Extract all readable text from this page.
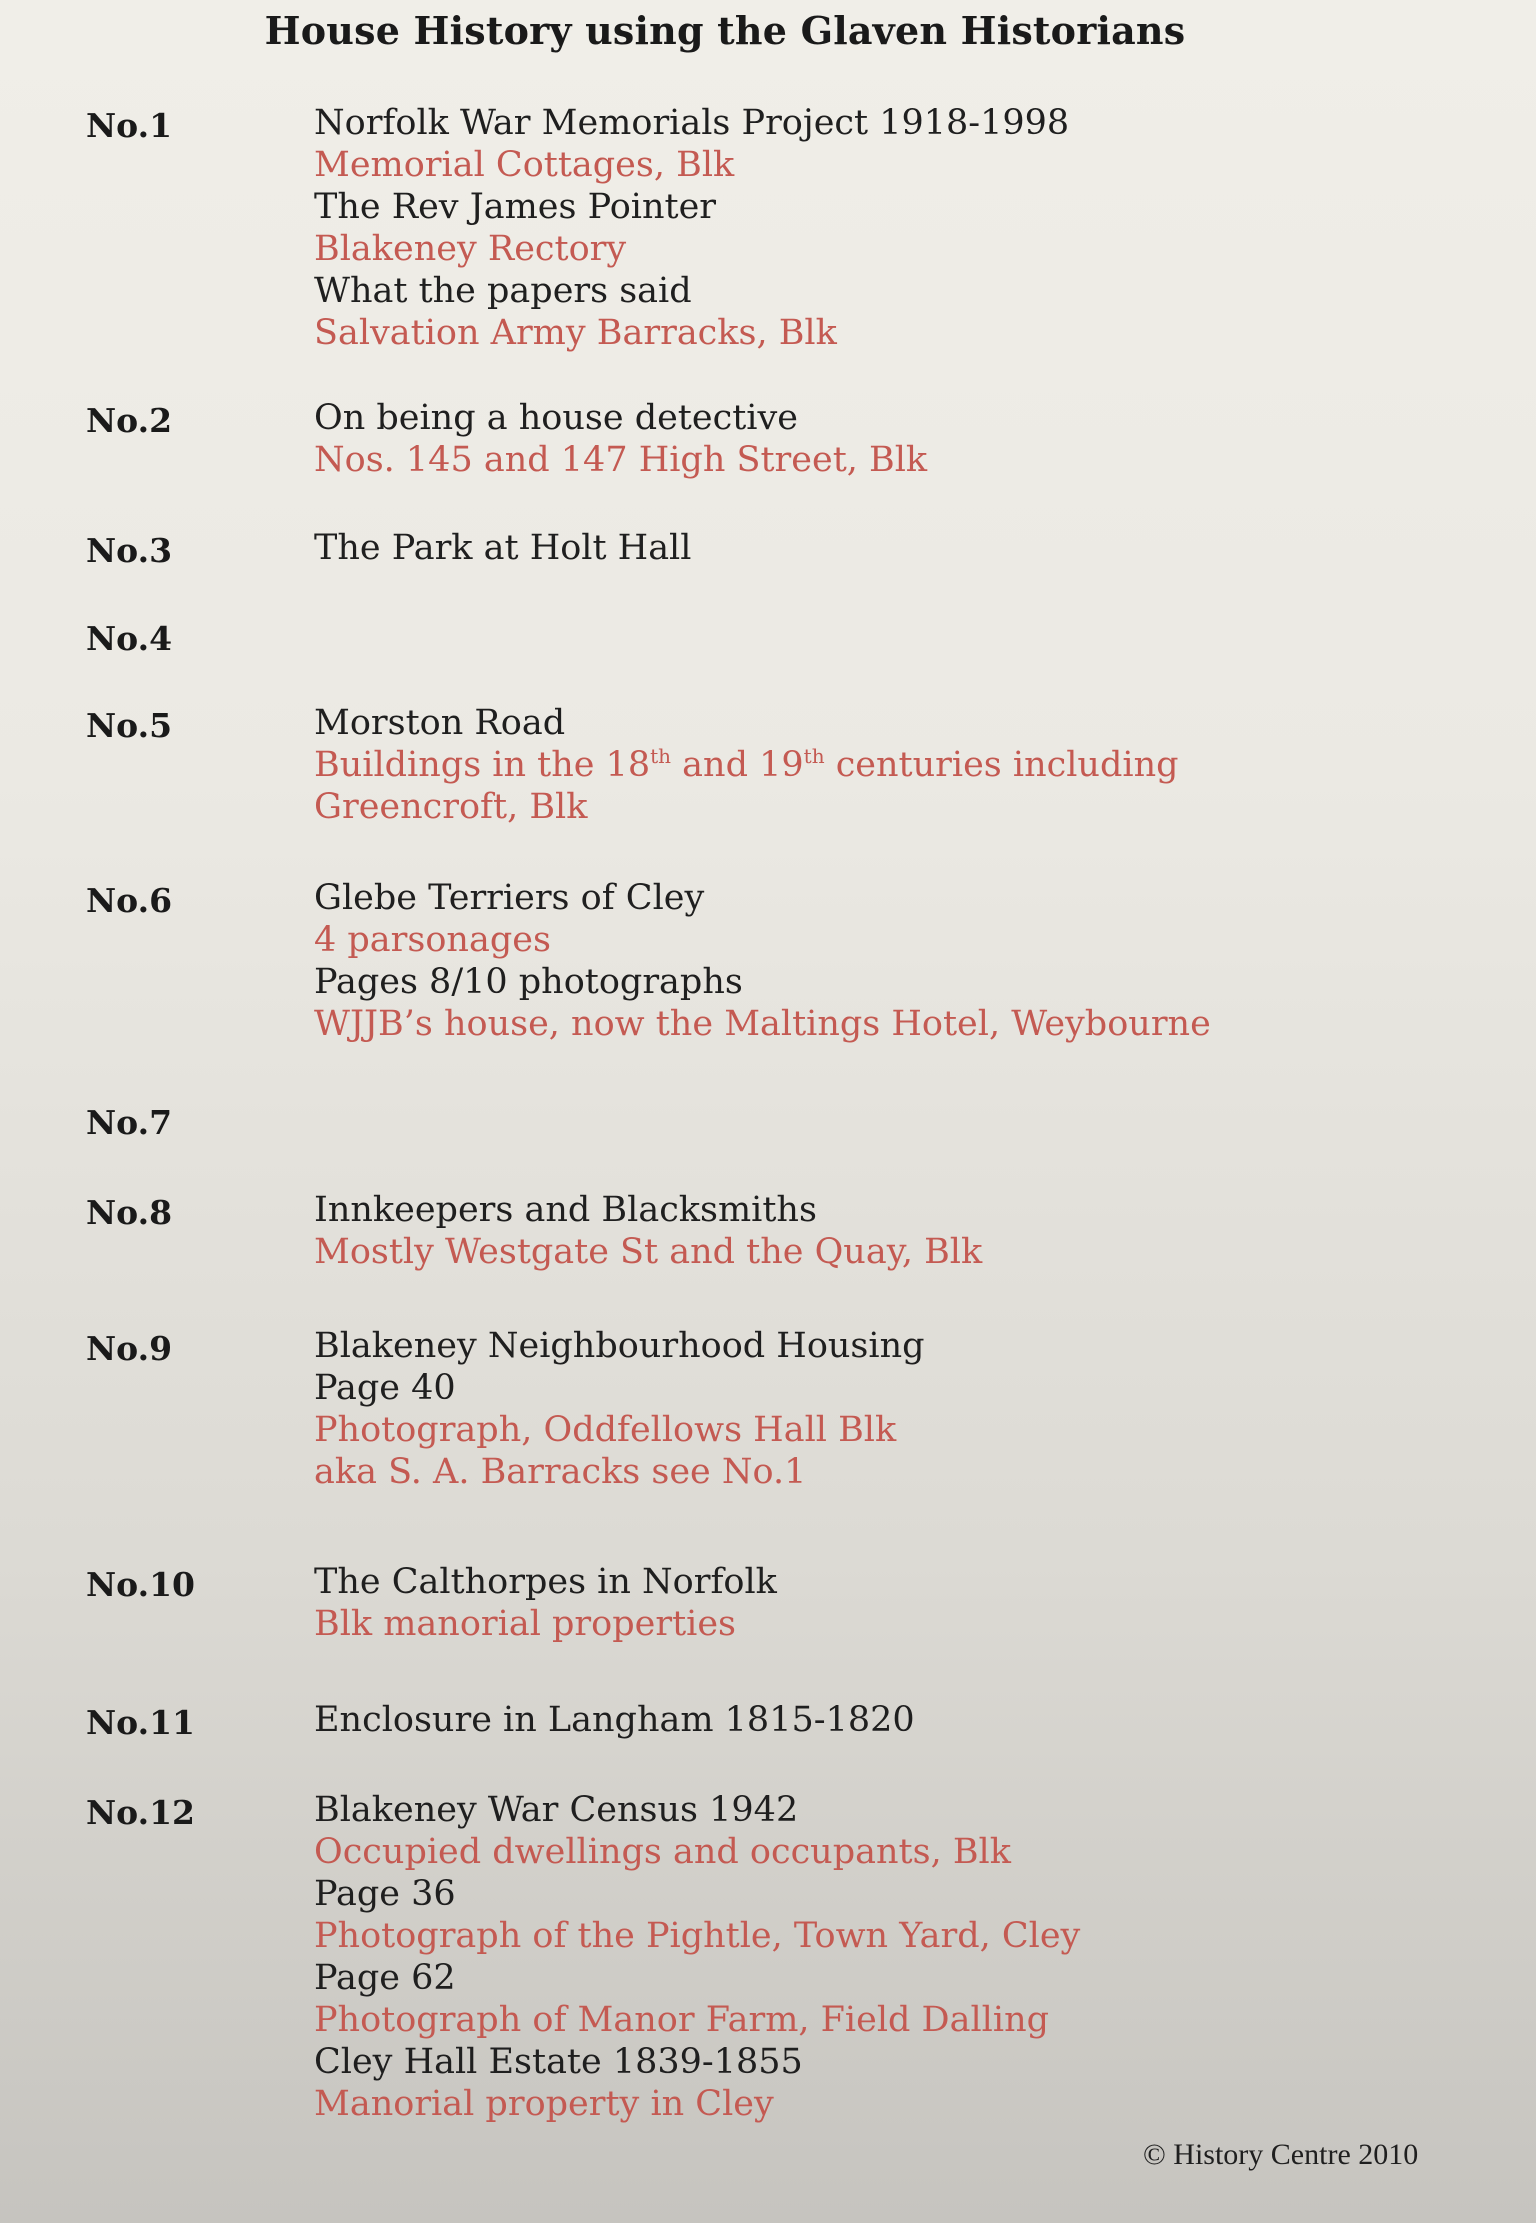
House History using the Glaven Historians
No.1	Norfolk War Memorials Project 1918-1998
Memorial Cottages, Blk
The Rev James Pointer
Blakeney Rectory
What the papers said
Salvation Army Barracks, Blk
No.2	On being a house detective
Nos. 145 and 147 High Street, Blk
No.3	The Park at Holt Hall
No.4
No.5	Morston Road
Buildings in the 18th and 19th centuries including
Greencroft, Blk
No.6	Glebe Terriers of Cley
4 parsonages
Pages 8/10 photographs
WJJB’s house, now the Maltings Hotel, Weybourne
No.7
No.8	Innkeepers and Blacksmiths
Mostly Westgate St and the Quay, Blk
No.9	Blakeney Neighbourhood Housing
Page 40
Photograph, Oddfellows Hall Blk
aka S. A. Barracks see No.1
No.10	The Calthorpes in Norfolk
Blk manorial properties
No.11	Enclosure in Langham 1815-1820
No.12	Blakeney War Census 1942
Occupied dwellings and occupants, Blk
Page 36
Photograph of the Pightle, Town Yard, Cley
Page 62
Photograph of Manor Farm, Field Dalling
Cley Hall Estate 1839-1855
Manorial property in Cley
© History Centre 2010
